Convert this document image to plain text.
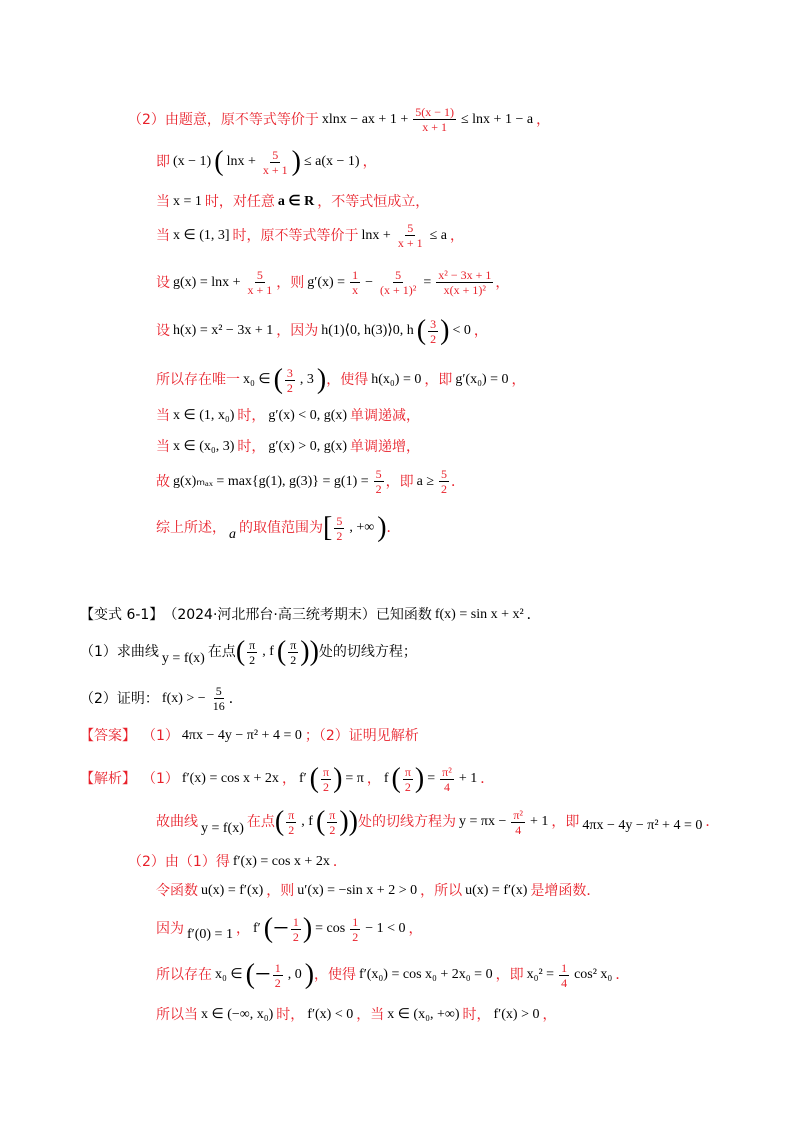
（2）由题意，原不等式等价于 xlnx − ax + $1 + \frac{5(x - 1)}{x + 1} \le \ln x + 1 - a$ ，
即 (x − 1) ( $\ln x + \frac{5}{x + 1}$ ) ≤ a(x − 1) ，
当 x = 1 时，对任意 a ∈ R ，不等式恒成立，
当 x ∈ (1, 3] 时，原不等式等价于 $\ln x + \frac{5}{x + 1} \le a$ ，
设 $g(x) = \ln x + \frac{5}{x + 1}$ ，则 $g'(x) = \frac{1}{x} - \frac{5}{\text{(x + 1)²}} = \frac{\text{x² − 3x + 1}}{\text{x(x + 1)²}}$ ，
设 h(x) = x² − 3x + 1 ，因为 h(1)⟨0, h(3)⟩0, h ( $\frac{3}{2}$ ) < 0 ，
所以存在唯一 x₀ ∈ ( $\frac{3}{2}$ , 3 ) ，使得 h(x₀) = 0 ，即 g′(x₀) = 0 ，
当 x ∈ (1, x₀) 时， g′(x) < 0, g(x) 单调递减，
当 x ∈ (x₀, 3) 时， g′(x) > 0, g(x) 单调递增，
故 g(x)ₘₐₓ = max{g(1), $g(3)\} = g(1) = \frac{5}{2}$ ，即 $a \ge \frac{5}{2}$ ．
综上所述， a 的取值范围为 [ $\frac{5}{2}$ , +∞ ) ．
【变式 6-1】 （2024·河北邢台·高三统考期末）已知函数 f(x) = sin x + x² ．
（1）求曲线 y = f(x) 在点 ( $\frac{\pi}{2}$ , f ( $\frac{\pi}{2}$ )) 处的切线方程；
（2）证明： f(x) > − $\frac{5}{16}$ ．
【答案】 （1） 4πx − 4y − π² + 4 = 0 ；（2）证明见解析
【解析】 （1） f′(x) = cos x + 2x ， f′ ( $\frac{\pi}{2}$ ) = π ， f ( $\frac{\pi}{2}$ ) = $\frac{\text{π²}}{4} + 1$ ．
故曲线 y = f(x) 在点 ( $\frac{\pi}{2}$ , f ( $\frac{\pi}{2}$ )) 处的切线方程为 $y = \pi x - \frac{\text{π²}}{4} + 1$ ，即 4πx − 4y − π² + 4 = 0 ．
（2）由（1）得 f′(x) = cos x + 2x ．
令函数 u(x) = f′(x) ，则 u′(x) = −sin x + 2 > 0 ，所以 u(x) = f′(x) 是增函数．
因为 f′(0) = 1 ， f′ (− $\frac{1}{2}$ ) = $\cos \frac{1}{2} - 1 < 0$ ，
所以存在 x₀ ∈ (− $\frac{1}{2}$ , 0 ) ，使得 f′(x₀) = cos x₀ + 2x₀ = 0 ，即 $x_0^2 = \frac{1}{4} \cos^2$ x₀ ．
所以当 x ∈ (−∞, x₀) 时， f′(x) < 0 ，当 x ∈ (x₀, +∞) 时， f′(x) > 0 ，
